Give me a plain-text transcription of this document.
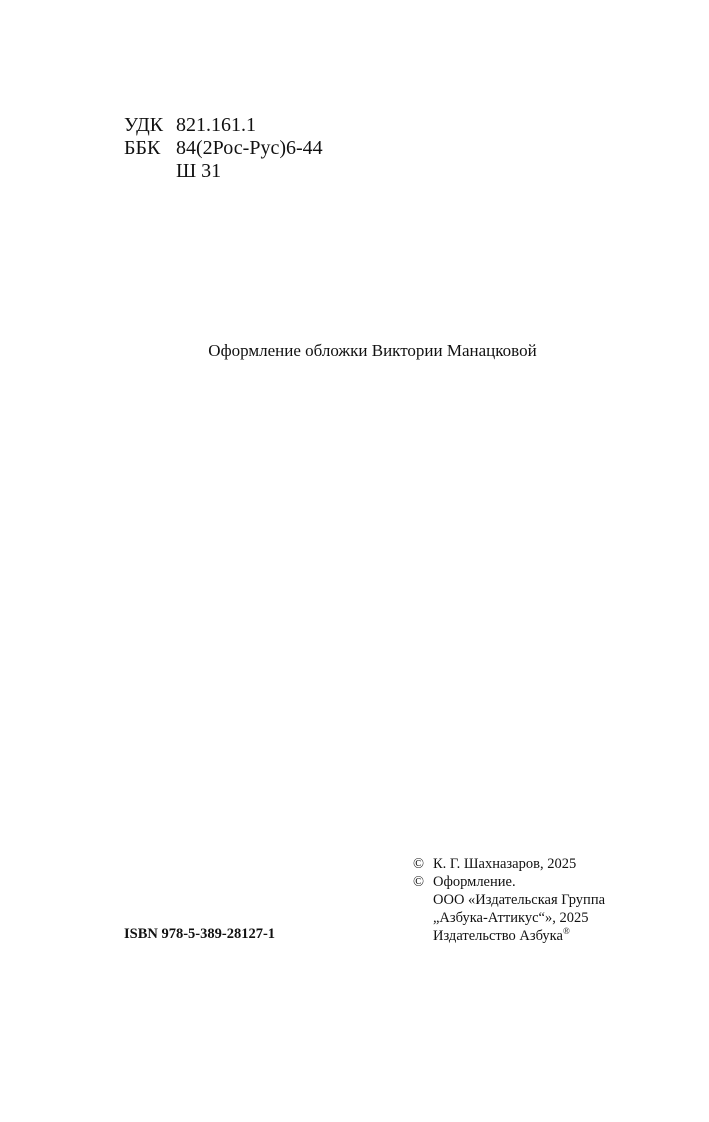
УДК 821.161.1
ББК 84(2Рос-Рус)6-44
Ш 31
Оформление обложки Виктории Манацковой
ISBN 978-5-389-28127-1
© К. Г. Шахназаров, 2025
© Оформление.
ООО «Издательская Группа
„Азбука-Аттикус“», 2025
Издательство Азбука®
